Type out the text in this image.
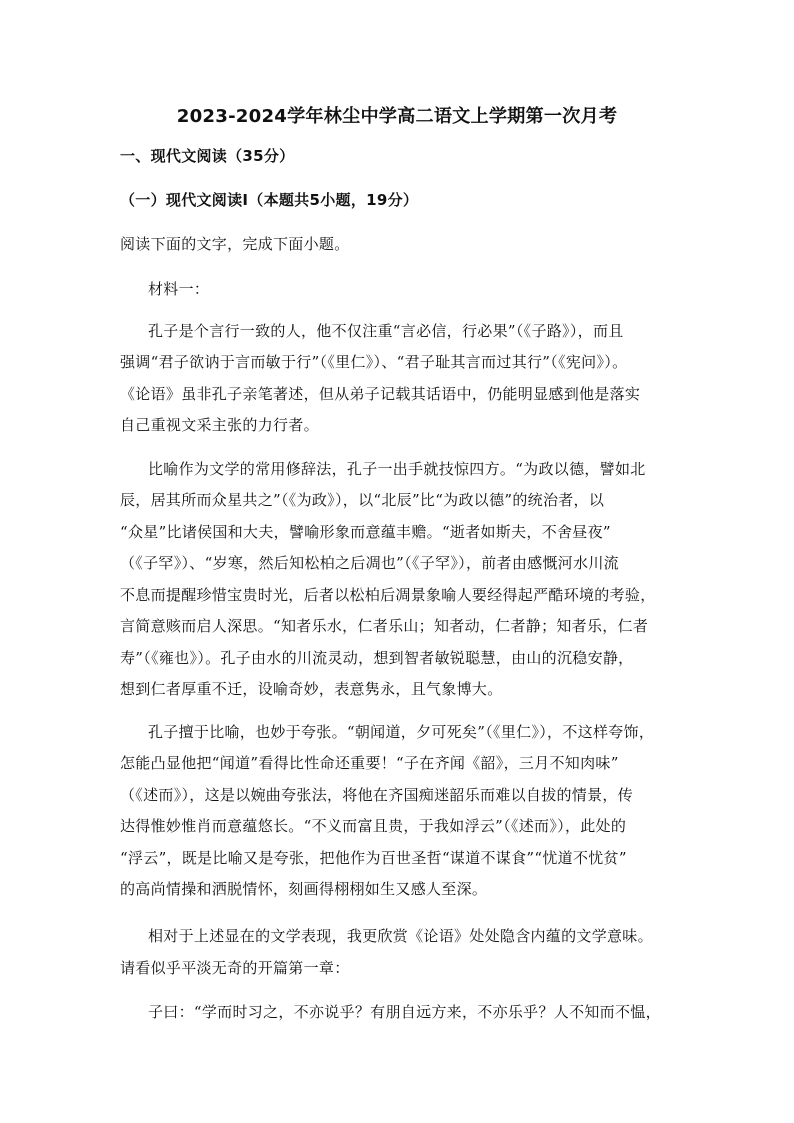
2023-2024学年林尘中学高二语文上学期第一次月考
一、现代文阅读（35分）
（一）现代文阅读Ⅰ（本题共5小题，19分）
阅读下面的文字，完成下面小题。
材料一：
孔子是个言行一致的人，他不仅注重“言必信，行必果”（《子路》），而且
强调“君子欲讷于言而敏于行”（《里仁》）、“君子耻其言而过其行”（《宪问》）。
《论语》虽非孔子亲笔著述，但从弟子记载其话语中，仍能明显感到他是落实
自己重视文采主张的力行者。
比喻作为文学的常用修辞法，孔子一出手就技惊四方。“为政以德，譬如北
辰，居其所而众星共之”（《为政》），以“北辰”比“为政以德”的统治者，以
“众星”比诸侯国和大夫，譬喻形象而意蕴丰赡。“逝者如斯夫，不舍昼夜”
（《子罕》）、“岁寒，然后知松柏之后凋也”（《子罕》），前者由感慨河水川流
不息而提醒珍惜宝贵时光，后者以松柏后凋景象喻人要经得起严酷环境的考验，
言简意赅而启人深思。“知者乐水，仁者乐山；知者动，仁者静；知者乐，仁者
寿”（《雍也》）。孔子由水的川流灵动，想到智者敏锐聪慧，由山的沉稳安静，
想到仁者厚重不迁，设喻奇妙，表意隽永，且气象博大。
孔子擅于比喻，也妙于夸张。“朝闻道，夕可死矣”（《里仁》），不这样夸饰，
怎能凸显他把“闻道”看得比性命还重要！“子在齐闻《韶》，三月不知肉味”
（《述而》），这是以婉曲夸张法，将他在齐国痴迷韶乐而难以自拔的情景，传
达得惟妙惟肖而意蕴悠长。“不义而富且贵，于我如浮云”（《述而》），此处的
“浮云”，既是比喻又是夸张，把他作为百世圣哲“谋道不谋食”“忧道不忧贫”
的高尚情操和洒脱情怀，刻画得栩栩如生又感人至深。
相对于上述显在的文学表现，我更欣赏《论语》处处隐含内蕴的文学意味。
请看似乎平淡无奇的开篇第一章：
子曰：“学而时习之，不亦说乎？有朋自远方来，不亦乐乎？人不知而不愠，
